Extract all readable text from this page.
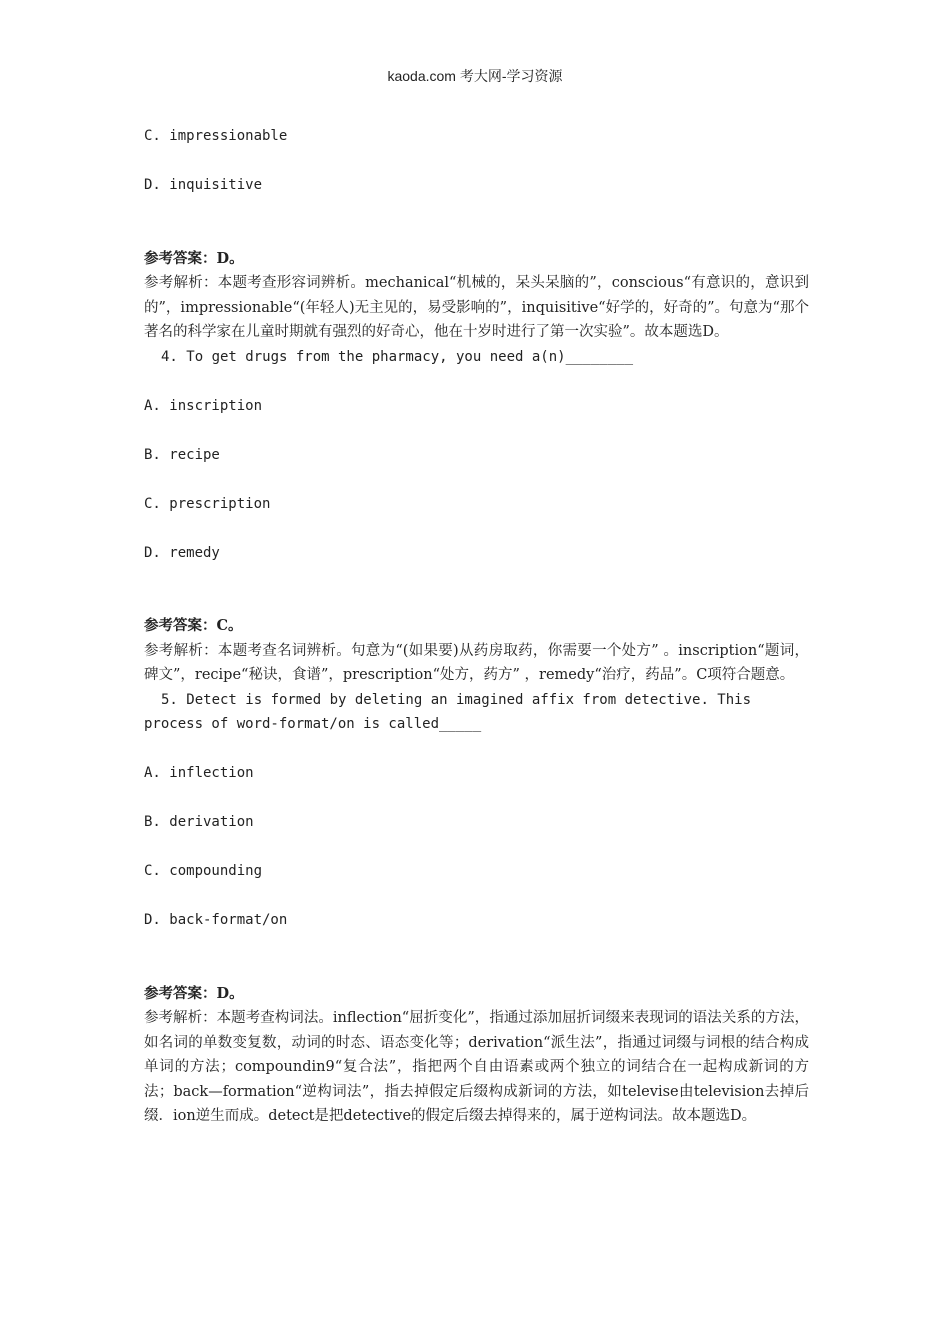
kaoda.com 考大网-学习资源

C. impressionable

D. inquisitive

参考答案：D。

参考解析：本题考查形容词辨析。mechanical“机械的，呆头呆脑的”，conscious“有意识的，意识到的”，impressionable“(年轻人)无主见的，易受影响的”，inquisitive“好学的，好奇的”。句意为“那个著名的科学家在儿童时期就有强烈的好奇心，他在十岁时进行了第一次实验”。故本题选D。

4. To get drugs from the pharmacy, you need a(n)________

A. inscription

B. recipe

C. prescription

D. remedy

参考答案：C。

参考解析：本题考查名词辨析。句意为“(如果要)从药房取药，你需要一个处方” 。inscription“题词，碑文”，recipe“秘诀，食谱”，prescription“处方，药方” ，remedy“治疗，药品”。C项符合题意。

5. Detect is formed by deleting an imagined affix from detective. This process of word-format/on is called_____

A. inflection

B. derivation

C. compounding

D. back-format/on

参考答案：D。

参考解析：本题考查构词法。inflection“屈折变化”，指通过添加屈折词缀来表现词的语法关系的方法，如名词的单数变复数，动词的时态、语态变化等；derivation“派生法”，指通过词缀与词根的结合构成单词的方法；compoundin9“复合法”，指把两个自由语素或两个独立的词结合在一起构成新词的方法；back—formation“逆构词法”，指去掉假定后缀构成新词的方法，如televise由television去掉后缀．ion逆生而成。detect是把detective的假定后缀去掉得来的，属于逆构词法。故本题选D。
